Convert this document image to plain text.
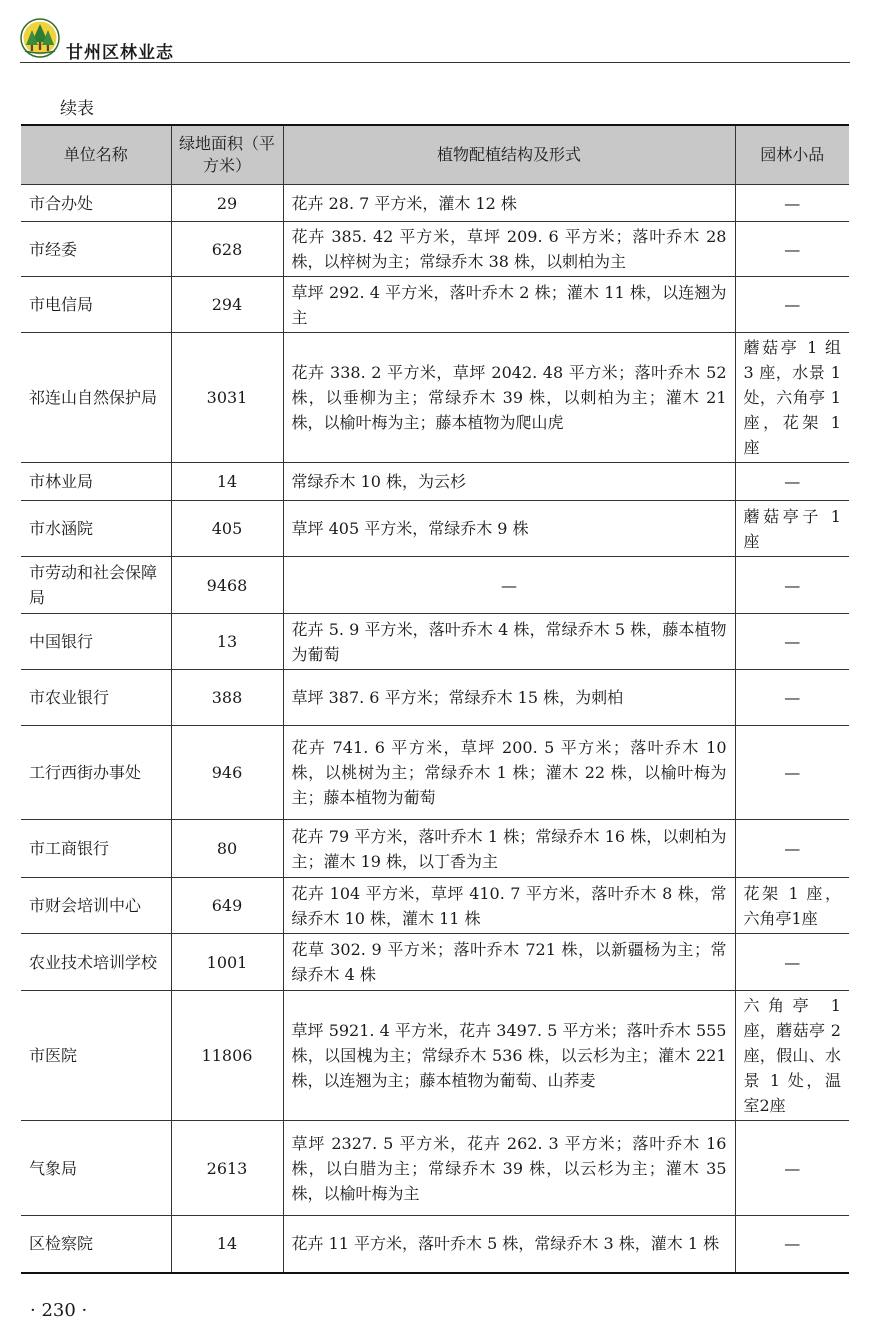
甘州区林业志
续表
单位名称	绿地面积（平方米）	植物配植结构及形式	园林小品
市合办处	29	花卉 28. 7 平方米，灌木 12 株	—
市经委	628	花卉 385. 42 平方米，草坪 209. 6 平方米；落叶乔木 28 株，以梓树为主；常绿乔木 38 株，以刺柏为主	—
市电信局	294	草坪 292. 4 平方米，落叶乔木 2 株；灌木 11 株，以连翘为主	—
祁连山自然保护局	3031	花卉 338. 2 平方米，草坪 2042. 48 平方米；落叶乔木 52 株，以垂柳为主；常绿乔木 39 株，以刺柏为主；灌木 21 株，以榆叶梅为主；藤本植物为爬山虎	蘑菇亭 1 组 3 座，水景 1 处，六角亭 1 座，花架 1 座
市林业局	14	常绿乔木 10 株，为云杉	—
市水涵院	405	草坪 405 平方米，常绿乔木 9 株	蘑菇亭子 1 座
市劳动和社会保障局	9468	—	—
中国银行	13	花卉 5. 9 平方米，落叶乔木 4 株，常绿乔木 5 株，藤本植物为葡萄	—
市农业银行	388	草坪 387. 6 平方米；常绿乔木 15 株，为刺柏	—
工行西街办事处	946	花卉 741. 6 平方米，草坪 200. 5 平方米；落叶乔木 10 株，以桃树为主；常绿乔木 1 株；灌木 22 株，以榆叶梅为主；藤本植物为葡萄	—
市工商银行	80	花卉 79 平方米，落叶乔木 1 株；常绿乔木 16 株，以刺柏为主；灌木 19 株，以丁香为主	—
市财会培训中心	649	花卉 104 平方米，草坪 410. 7 平方米，落叶乔木 8 株，常绿乔木 10 株，灌木 11 株	花架 1 座，六角亭1座
农业技术培训学校	1001	花草 302. 9 平方米；落叶乔木 721 株，以新疆杨为主；常绿乔木 4 株	—
市医院	11806	草坪 5921. 4 平方米，花卉 3497. 5 平方米；落叶乔木 555 株，以国槐为主；常绿乔木 536 株，以云杉为主；灌木 221 株，以连翘为主；藤本植物为葡萄、山荞麦	六角亭 1 座，蘑菇亭 2 座，假山、水景 1 处，温室2座
气象局	2613	草坪 2327. 5 平方米，花卉 262. 3 平方米；落叶乔木 16 株，以白腊为主；常绿乔木 39 株，以云杉为主；灌木 35 株，以榆叶梅为主	—
区检察院	14	花卉 11 平方米，落叶乔木 5 株，常绿乔木 3 株，灌木 1 株	—
· 230 ·
